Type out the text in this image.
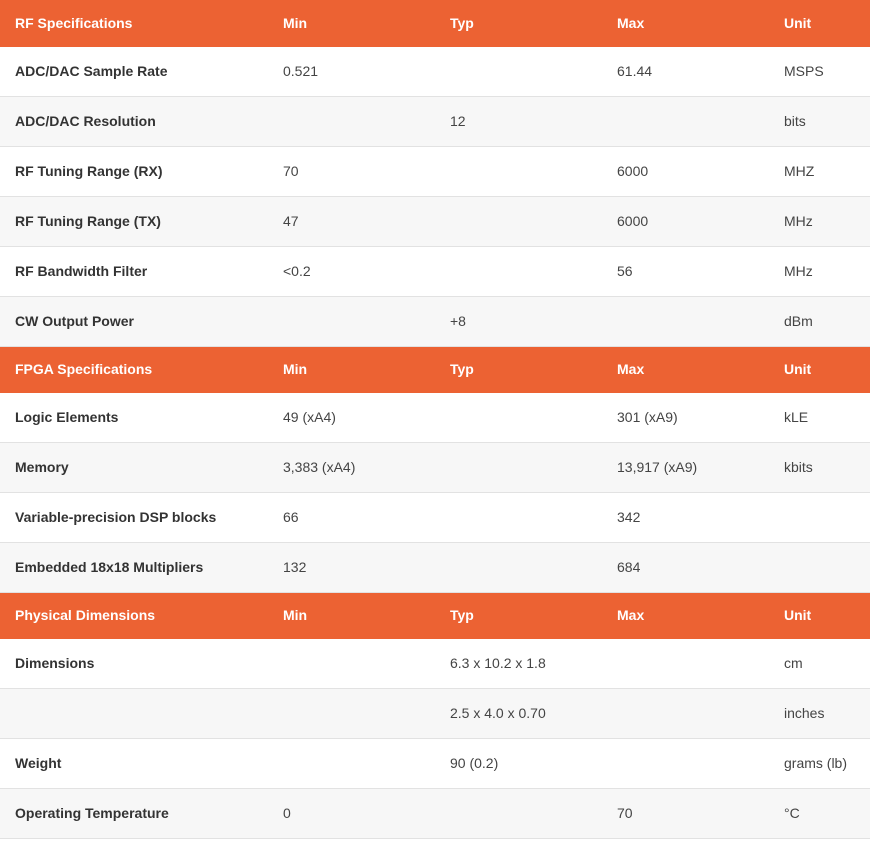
RF Specifications	Min	Typ	Max	Unit
ADC/DAC Sample Rate	0.521		61.44	MSPS
ADC/DAC Resolution		12		bits
RF Tuning Range (RX)	70		6000	MHZ
RF Tuning Range (TX)	47		6000	MHz
RF Bandwidth Filter	<0.2		56	MHz
CW Output Power		+8		dBm
FPGA Specifications	Min	Typ	Max	Unit
Logic Elements	49 (xA4)		301 (xA9)	kLE
Memory	3,383 (xA4)		13,917 (xA9)	kbits
Variable-precision DSP blocks	66		342	
Embedded 18x18 Multipliers	132		684	
Physical Dimensions	Min	Typ	Max	Unit
Dimensions		6.3 x 10.2 x 1.8		cm
		2.5 x 4.0 x 0.70		inches
Weight		90 (0.2)		grams (lb)
Operating Temperature	0		70	°C
